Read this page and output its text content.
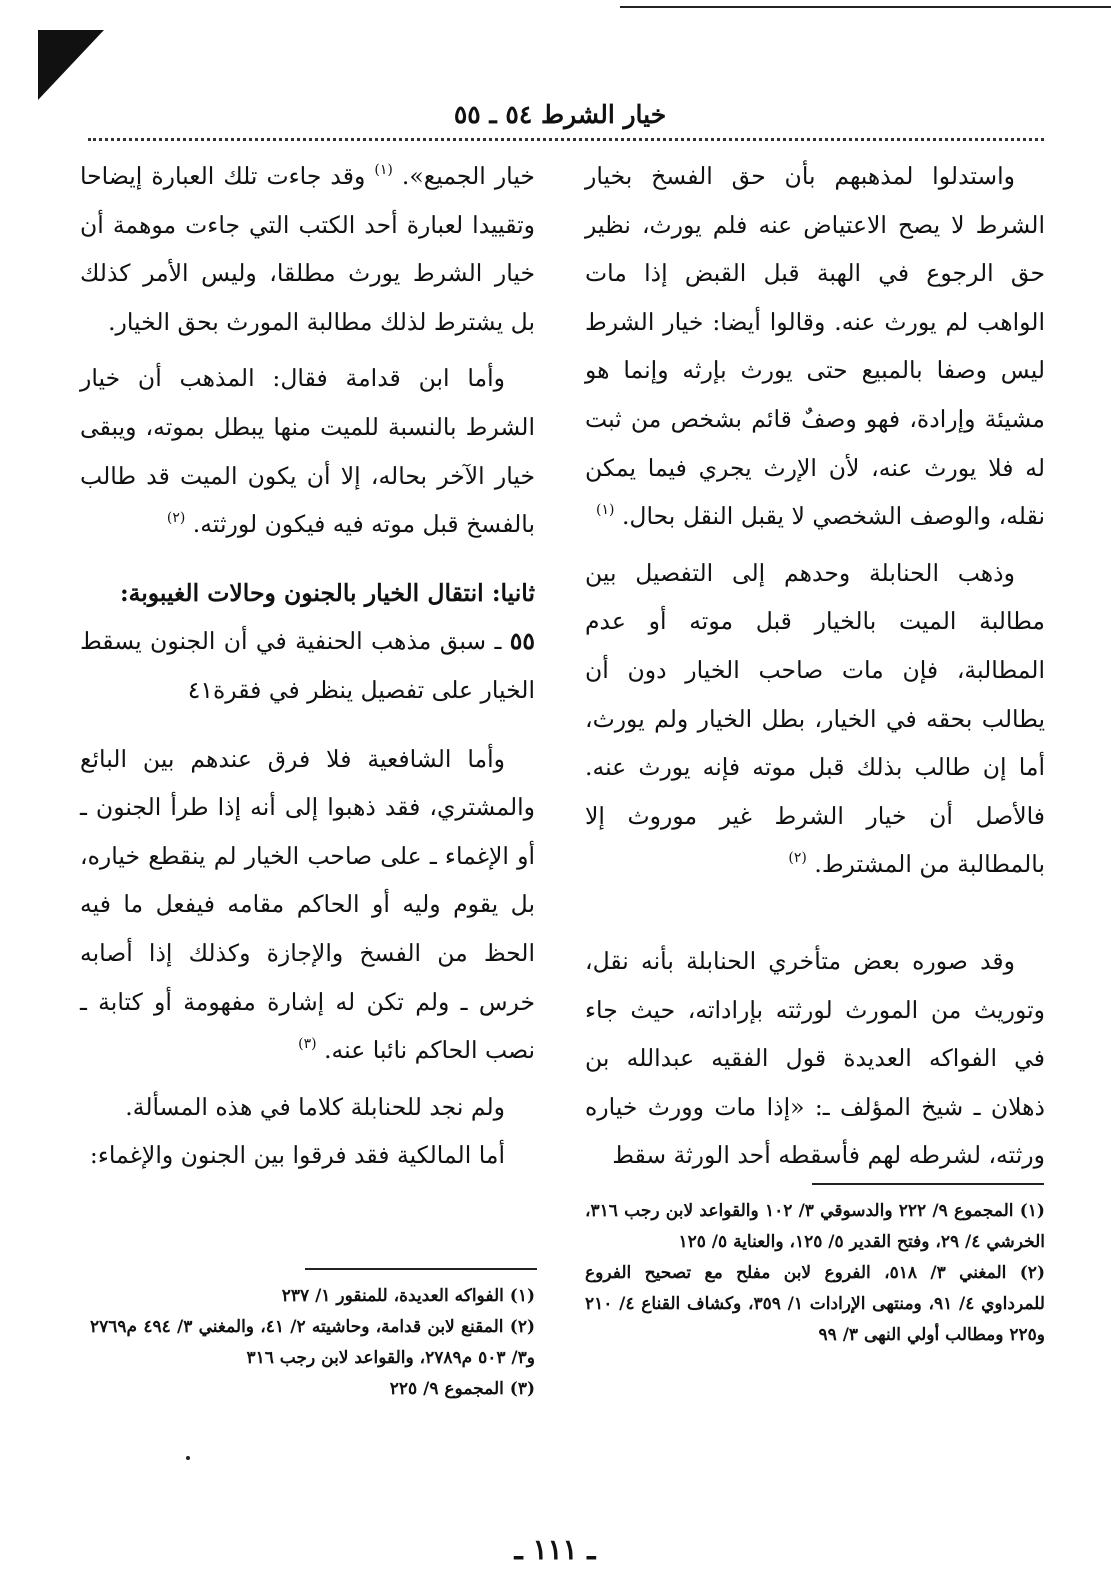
خيار الشرط ٥٤ ـ ٥٥

واستدلوا لمذهبهم بأن حق الفسخ بخيار الشرط لا يصح الاعتياض عنه فلم يورث، نظير حق الرجوع في الهبة قبل القبض إذا مات الواهب لم يورث عنه. وقالوا أيضا: خيار الشرط ليس وصفا بالمبيع حتى يورث بإرثه وإنما هو مشيئة وإرادة، فهو وصفٌ قائم بشخص من ثبت له فلا يورث عنه، لأن الإرث يجري فيما يمكن نقله، والوصف الشخصي لا يقبل النقل بحال. $^{(١)}$

وذهب الحنابلة وحدهم إلى التفصيل بين مطالبة الميت بالخيار قبل موته أو عدم المطالبة، فإن مات صاحب الخيار دون أن يطالب بحقه في الخيار، بطل الخيار ولم يورث، أما إن طالب بذلك قبل موته فإنه يورث عنه. فالأصل أن خيار الشرط غير موروث إلا بالمطالبة من المشترط. $^{(٢)}$

وقد صوره بعض متأخري الحنابلة بأنه نقل، وتوريث من المورث لورثته بإراداته، حيث جاء في الفواكه العديدة قول الفقيه عبدالله بن ذهلان ـ شيخ المؤلف ـ: «إذا مات وورث خياره ورثته، لشرطه لهم فأسقطه أحد الورثة سقط

خيار الجميع». $^{(١)}$ وقد جاءت تلك العبارة إيضاحا وتقييدا لعبارة أحد الكتب التي جاءت موهمة أن خيار الشرط يورث مطلقا، وليس الأمر كذلك بل يشترط لذلك مطالبة المورث بحق الخيار.

وأما ابن قدامة فقال: المذهب أن خيار الشرط بالنسبة للميت منها يبطل بموته، ويبقى خيار الآخر بحاله، إلا أن يكون الميت قد طالب بالفسخ قبل موته فيه فيكون لورثته. $^{(٢)}$

ثانيا: انتقال الخيار بالجنون وحالات الغيبوبة:

٥٥ ـ سبق مذهب الحنفية في أن الجنون يسقط الخيار على تفصيل ينظر في فقرة٤١

وأما الشافعية فلا فرق عندهم بين البائع والمشتري، فقد ذهبوا إلى أنه إذا طرأ الجنون ـ أو الإغماء ـ على صاحب الخيار لم ينقطع خياره، بل يقوم وليه أو الحاكم مقامه فيفعل ما فيه الحظ من الفسخ والإجازة وكذلك إذا أصابه خرس ـ ولم تكن له إشارة مفهومة أو كتابة ـ نصب الحاكم نائبا عنه. $^{(٣)}$

ولم نجد للحنابلة كلاما في هذه المسألة.

أما المالكية فقد فرقوا بين الجنون والإغماء:

(١) المجموع ٩/ ٢٢٢ والدسوقي ٣/ ١٠٢ والقواعد لابن رجب ٣١٦، الخرشي ٤/ ٢٩، وفتح القدير ٥/ ١٢٥، والعناية ٥/ ١٢٥

(٢) المغني ٣/ ٥١٨، الفروع لابن مفلح مع تصحيح الفروع للمرداوي ٤/ ٩١، ومنتهى الإرادات ١/ ٣٥٩، وكشاف القناع ٤/ ٢١٠ و٢٢٥ ومطالب أولي النهى ٣/ ٩٩

(١) الفواكه العديدة، للمنقور ١/ ٢٣٧

(٢) المقنع لابن قدامة، وحاشيته ٢/ ٤١، والمغني ٣/ ٤٩٤ م٢٧٦٩ و٣/ ٥٠٣ م٢٧٨٩، والقواعد لابن رجب ٣١٦

(٣) المجموع ٩/ ٢٢٥

ـ ١١١ ـ
